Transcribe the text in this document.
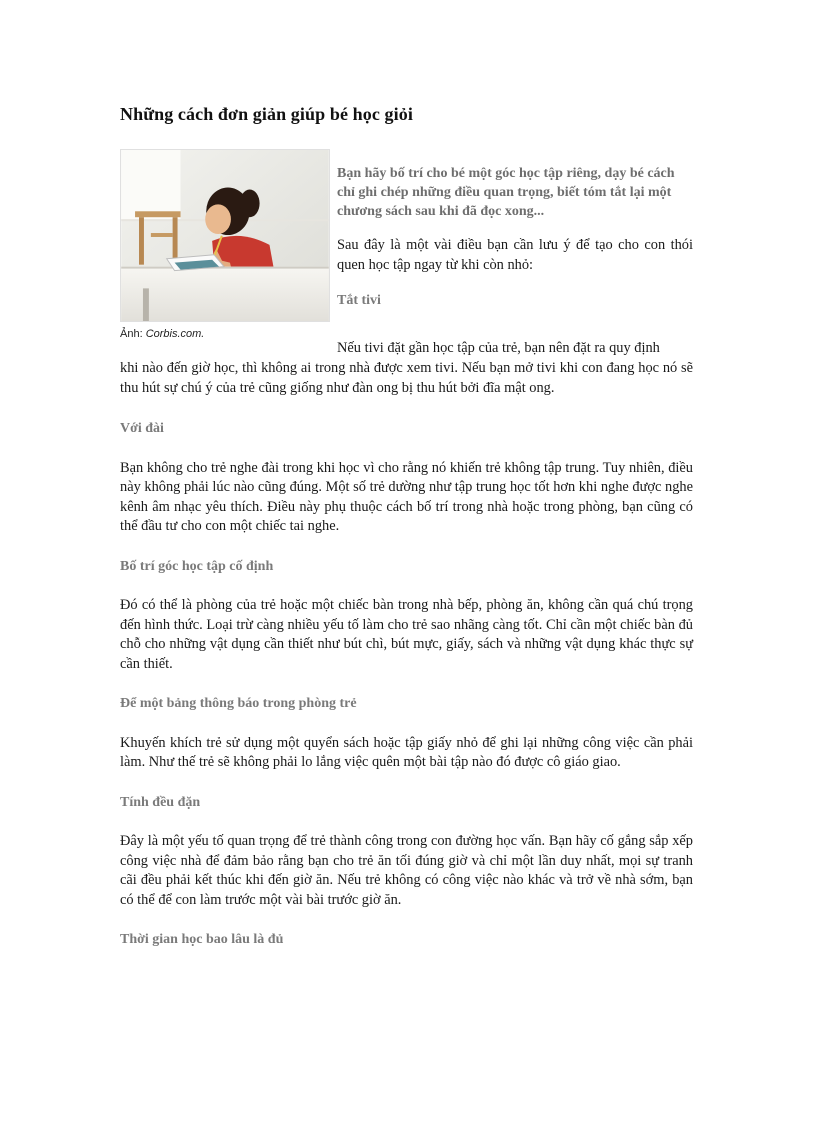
Những cách đơn giản giúp bé học giỏi
Ảnh: Corbis.com.

Bạn hãy bố trí cho bé một góc học tập riêng, dạy bé cách chỉ ghi chép những điều quan trọng, biết tóm tắt lại một chương sách sau khi đã đọc xong...

Sau đây là một vài điều bạn cần lưu ý để tạo cho con thói quen học tập ngay từ khi còn nhỏ:

Tắt tivi

Nếu tivi đặt gần học tập của trẻ, bạn nên đặt ra quy định

khi nào đến giờ học, thì không ai trong nhà được xem tivi. Nếu bạn mở tivi khi con đang học nó sẽ thu hút sự chú ý của trẻ cũng giống như đàn ong bị thu hút bởi đĩa mật ong.

Với đài

Bạn không cho trẻ nghe đài trong khi học vì cho rằng nó khiến trẻ không tập trung. Tuy nhiên, điều này không phải lúc nào cũng đúng. Một số trẻ dường như tập trung học tốt hơn khi nghe được nghe kênh âm nhạc yêu thích. Điều này phụ thuộc cách bố trí trong nhà hoặc trong phòng, bạn cũng có thể đầu tư cho con một chiếc tai nghe.

Bố trí góc học tập cố định

Đó có thể là phòng của trẻ hoặc một chiếc bàn trong nhà bếp, phòng ăn, không cần quá chú trọng đến hình thức. Loại trừ càng nhiều yếu tố làm cho trẻ sao nhãng càng tốt. Chỉ cần một chiếc bàn đủ chỗ cho những vật dụng cần thiết như bút chì, bút mực, giấy, sách và những vật dụng khác thực sự cần thiết.

Để một bảng thông báo trong phòng trẻ

Khuyến khích trẻ sử dụng một quyển sách hoặc tập giấy nhỏ để ghi lại những công việc cần phải làm. Như thế trẻ sẽ không phải lo lắng việc quên một bài tập nào đó được cô giáo giao.

Tính đều đặn

Đây là một yếu tố quan trọng để trẻ thành công trong con đường học vấn. Bạn hãy cố gắng sắp xếp công việc nhà để đảm bảo rằng bạn cho trẻ ăn tối đúng giờ và chỉ một lần duy nhất, mọi sự tranh cãi đều phải kết thúc khi đến giờ ăn. Nếu trẻ không có công việc nào khác và trở về nhà sớm, bạn có thể để con làm trước một vài bài trước giờ ăn.

Thời gian học bao lâu là đủ
